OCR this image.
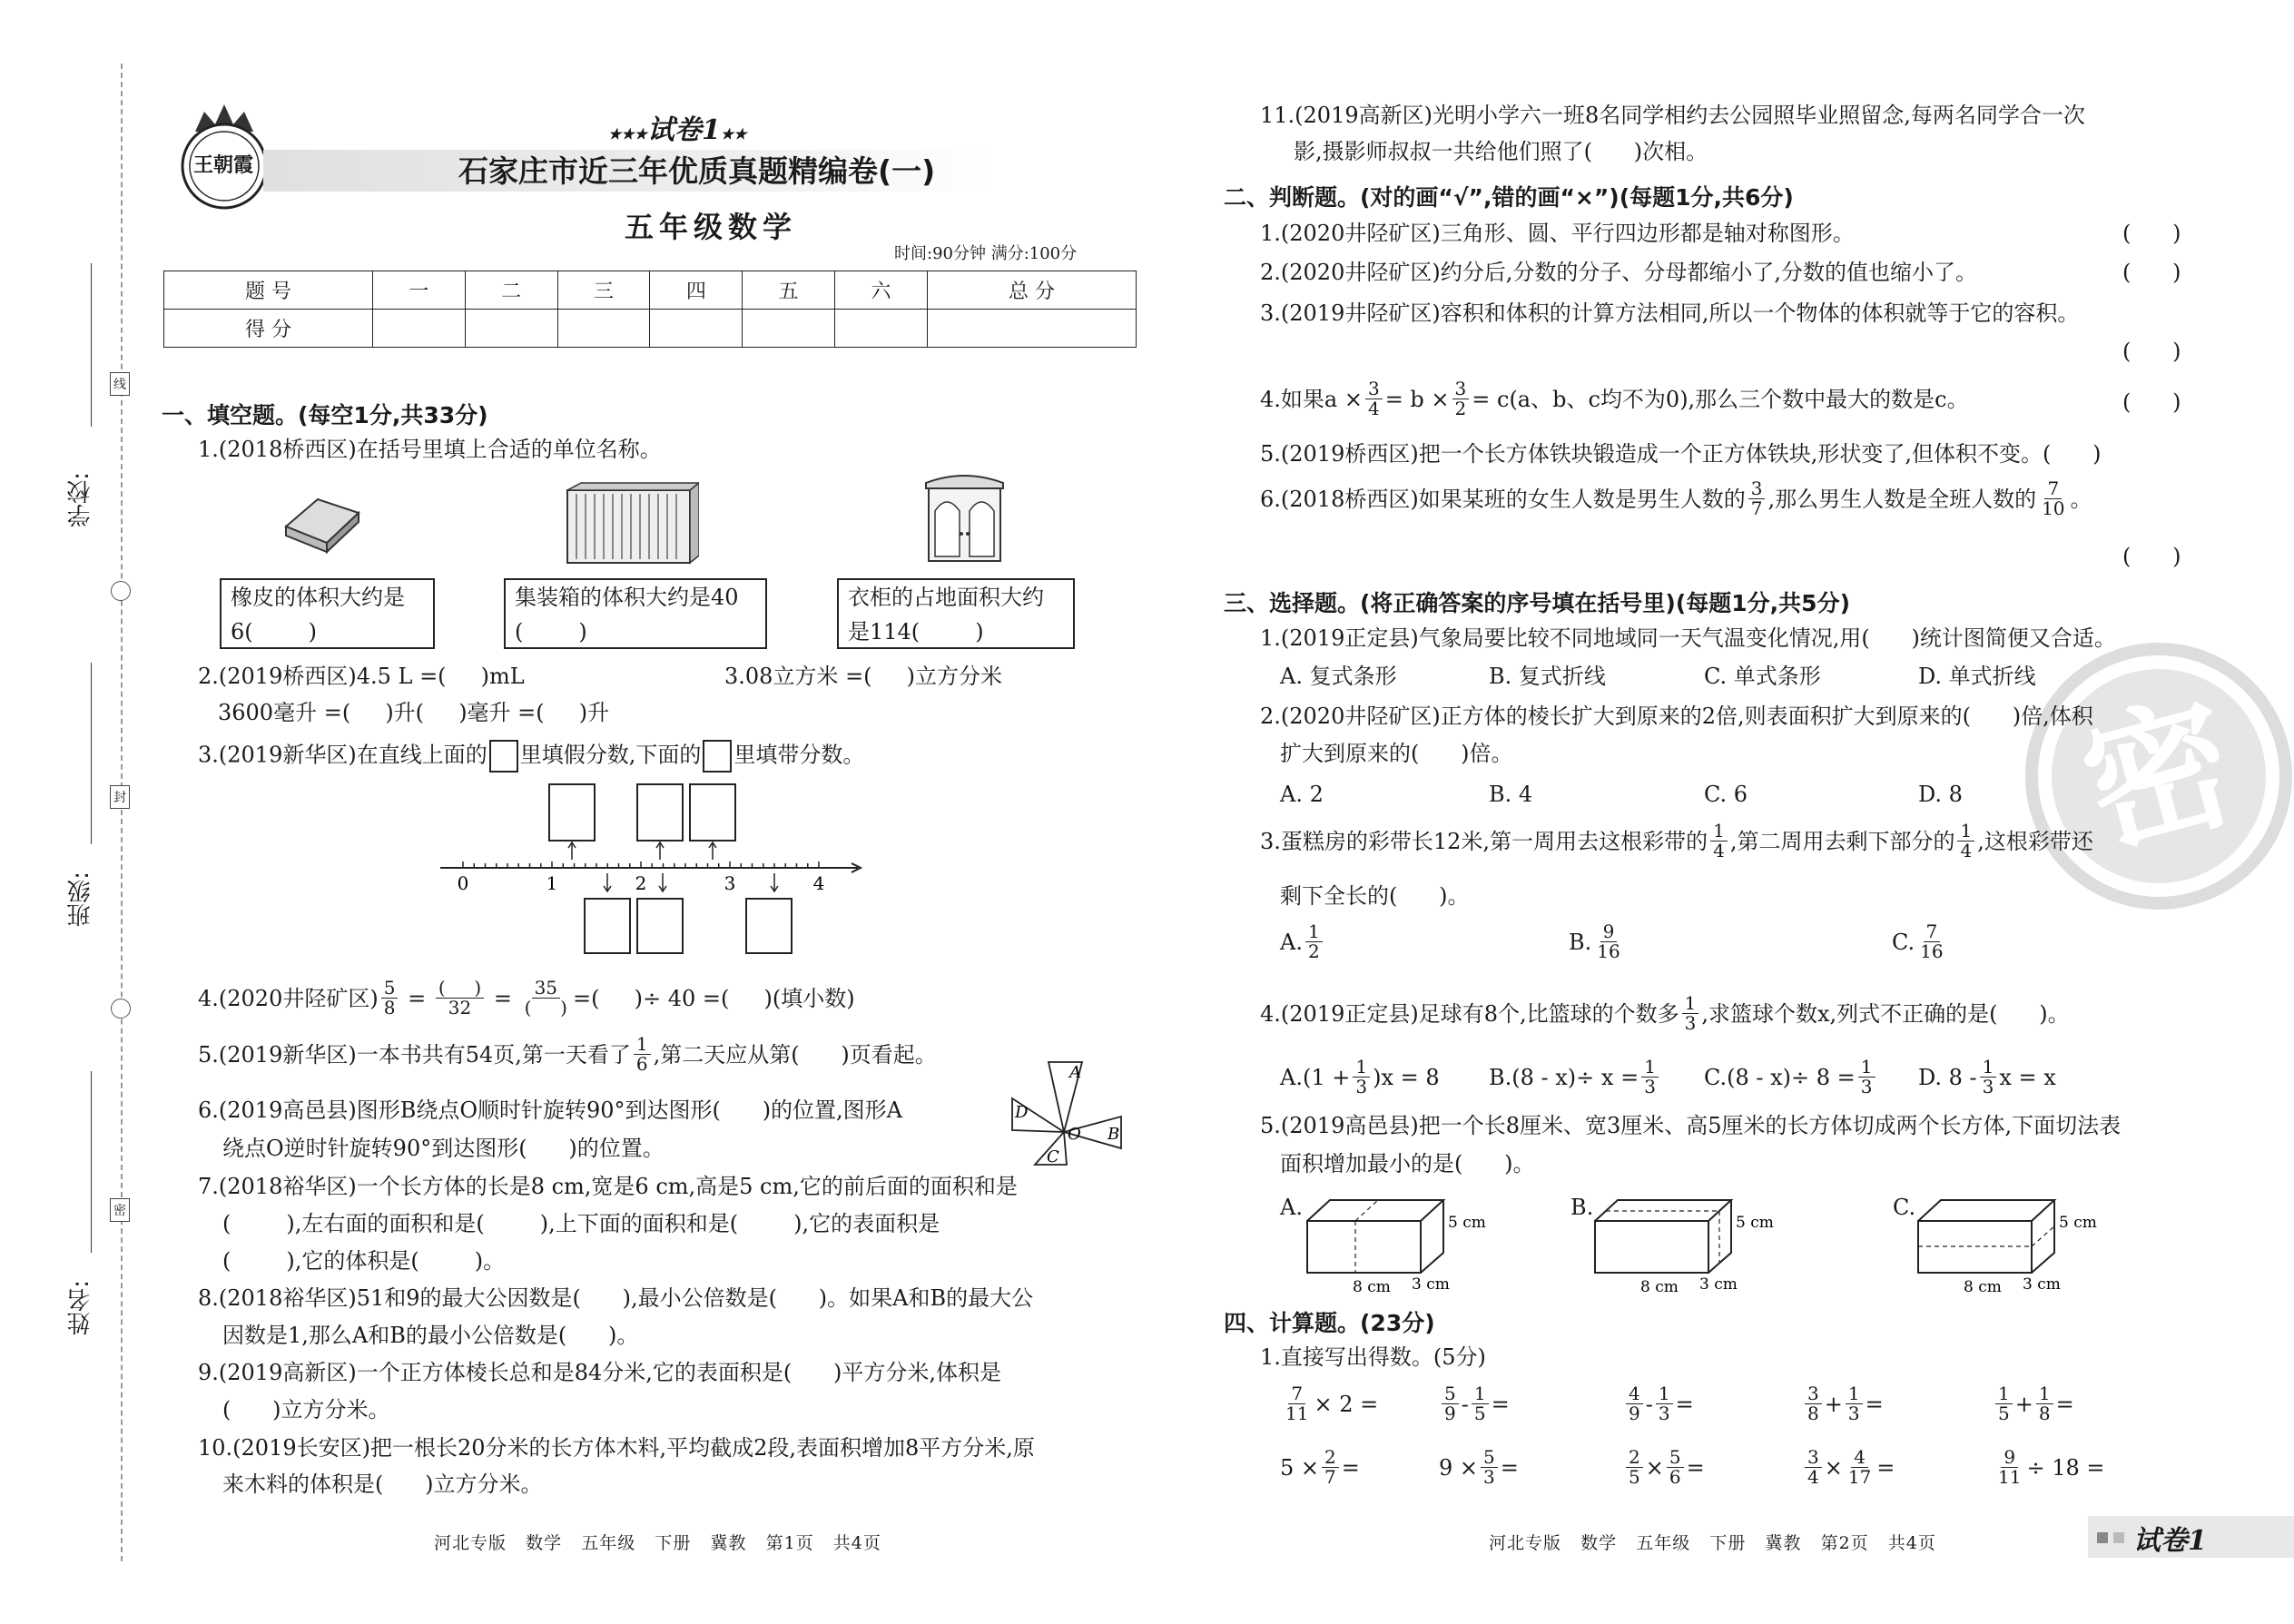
学校:
班级:
姓名:
线
封
密
王朝霞
★★★试卷1★★
石家庄市近三年优质真题精编卷(一)
五年级数学
时间:90分钟 满分:100分
题 号	一	二	三	四	五	六	总 分
得 分							
一、填空题。(每空1分,共33分)
1.(2018桥西区)在括号里填上合适的单位名称。
橡皮的体积大约是
6(        )
集装箱的体积大约是40
(        )
衣柜的占地面积大约
是114(        )
2.(2019桥西区)4.5 L =(     )mL	3.08立方米 =(     )立方分米
3600毫升 =(     )升(     )毫升 =(     )升
3.(2019新华区)在直线上面的 里填假分数,下面的 里填带分数。
0	1	2	3	4
4.(2020井陉矿区) $\frac{5}{8} = \frac{( )}{32} = \frac{35}{( )}$ =(     )÷ 40 =(     )(填小数)
5.(2019新华区)一本书共有54页,第一天看了 $\frac{1}{6}$ ,第二天应从第(      )页看起。
6.(2019高邑县)图形B绕点O顺时针旋转90°到达图形(      )的位置,图形A
绕点O逆时针旋转90°到达图形(      )的位置。
A
B
C
D
O
7.(2018裕华区)一个长方体的长是8 cm,宽是6 cm,高是5 cm,它的前后面的面积和是
(        ),左右面的面积和是(        ),上下面的面积和是(        ),它的表面积是
(        ),它的体积是(        )。
8.(2018裕华区)51和9的最大公因数是(      ),最小公倍数是(      )。如果A和B的最大公
因数是1,那么A和B的最小公倍数是(      )。
9.(2019高新区)一个正方体棱长总和是84分米,它的表面积是(      )平方分米,体积是
(      )立方分米。
10.(2019长安区)把一根长20分米的长方体木料,平均截成2段,表面积增加8平方分米,原
来木料的体积是(      )立方分米。
河北专版   数学   五年级   下册   冀教   第1页   共4页
11.(2019高新区)光明小学六一班8名同学相约去公园照毕业照留念,每两名同学合一次
影,摄影师叔叔一共给他们照了(      )次相。
二、判断题。(对的画“√”,错的画“×”)(每题1分,共6分)
1.(2020井陉矿区)三角形、圆、平行四边形都是轴对称图形。	(      )
2.(2020井陉矿区)约分后,分数的分子、分母都缩小了,分数的值也缩小了。	(      )
3.(2019井陉矿区)容积和体积的计算方法相同,所以一个物体的体积就等于它的容积。
(      )
4.如果$a \times \frac{3}{4} = b \times \frac{3}{2} = c(a$、b、c均不为0),那么三个数中最大的数是c。	(      )
5.(2019桥西区)把一个长方体铁块锻造成一个正方体铁块,形状变了,但体积不变。(      )
6.(2018桥西区)如果某班的女生人数是男生人数的 $\frac{3}{7}$ ,那么男生人数是全班人数的 $\frac{7}{10}$ 。
(      )
密
三、选择题。(将正确答案的序号填在括号里)(每题1分,共5分)
1.(2019正定县)气象局要比较不同地域同一天气温变化情况,用(      )统计图简便又合适。
A. 复式条形	B. 复式折线	C. 单式条形	D. 单式折线
2.(2020井陉矿区)正方体的棱长扩大到原来的2倍,则表面积扩大到原来的(      )倍,体积
扩大到原来的(      )倍。
A. 2	B. 4	C. 6	D. 8
3.蛋糕房的彩带长12米,第一周用去这根彩带的 $\frac{1}{4}$ ,第二周用去剩下部分的 $\frac{1}{4}$ ,这根彩带还
剩下全长的(      )。
A. $\frac{1}{2}$	B. $\frac{9}{16}$	C. $\frac{7}{16}$
4.(2019正定县)足球有8个,比篮球的个数多 $\frac{1}{3}$ ,求篮球个数x,列式不正确的是(      )。
$A.(1 + \frac{1}{3} )x = 8$ $B.(8 - x)\div x = \frac{1}{3} C.(8 - x)\div 8 = \frac{1}{3} D$. $8 - \frac{1}{3}$ x = x
5.(2019高邑县)把一个长8厘米、宽3厘米、高5厘米的长方体切成两个长方体,下面切法表
面积增加最小的是(      )。
A.
5 cm
3 cm
8 cm
B.
5 cm
3 cm
8 cm
C.
5 cm
3 cm
8 cm
四、计算题。(23分)
1.直接写出得数。(5分)
$\frac{7}{11} \times 2$ =	$\frac{5}{9} - \frac{1}{5}$ =	$\frac{4}{9} - \frac{1}{3}$ =	$\frac{3}{8} + \frac{1}{3}$ =	$\frac{1}{5} + \frac{1}{8}$ =
$5 \times \frac{2}{7}$ =	$9 \times \frac{5}{3}$ =	$\frac{2}{5} \times \frac{5}{6}$ =	$\frac{3}{4} \times \frac{4}{17}$ =	$\frac{9}{11} \div 18$ =
河北专版   数学   五年级   下册   冀教   第2页   共4页	试卷1
